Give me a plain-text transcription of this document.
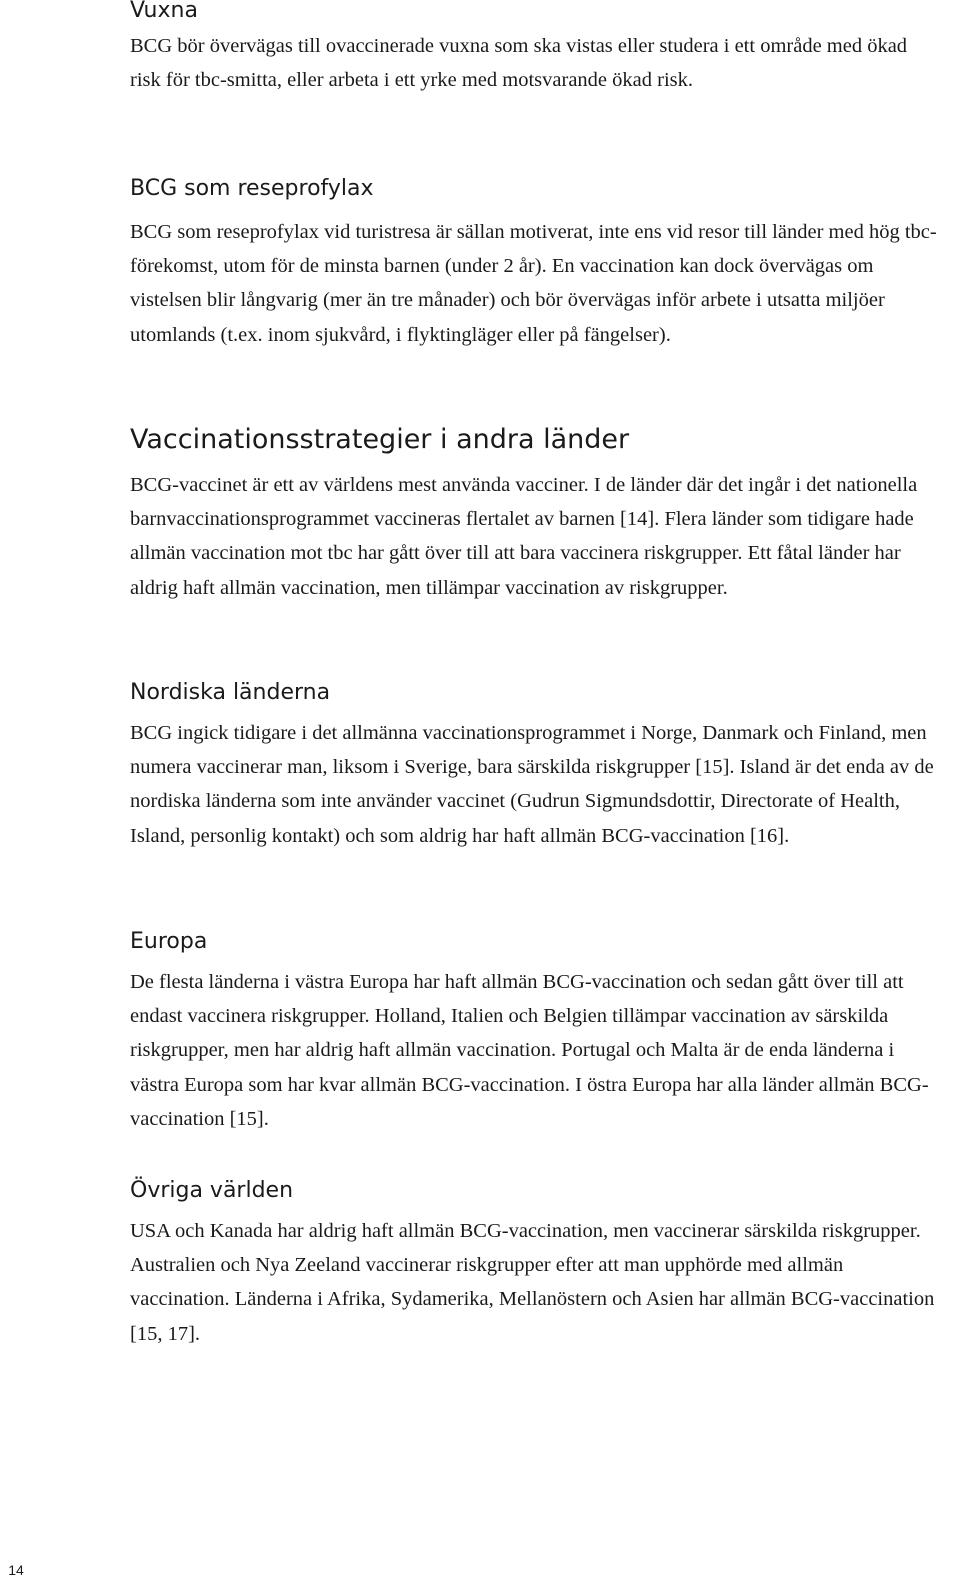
Vuxna

BCG bör övervägas till ovaccinerade vuxna som ska vistas eller studera i ett område med ökad risk för tbc-smitta, eller arbeta i ett yrke med motsvarande ökad risk.

BCG som reseprofylax

BCG som reseprofylax vid turistresa är sällan motiverat, inte ens vid resor till länder med hög tbc-förekomst, utom för de minsta barnen (under 2 år). En vaccination kan dock övervägas om vistelsen blir långvarig (mer än tre månader) och bör övervägas inför arbete i utsatta miljöer utomlands (t.ex. inom sjukvård, i flyktingläger eller på fängelser).

Vaccinationsstrategier i andra länder

BCG-vaccinet är ett av världens mest använda vacciner. I de länder där det ingår i det nationella barnvaccinationsprogrammet vaccineras flertalet av barnen [14]. Flera länder som tidigare hade allmän vaccination mot tbc har gått över till att bara vaccinera riskgrupper. Ett fåtal länder har aldrig haft allmän vaccination, men tillämpar vaccination av riskgrupper.

Nordiska länderna

BCG ingick tidigare i det allmänna vaccinationsprogrammet i Norge, Danmark och Finland, men numera vaccinerar man, liksom i Sverige, bara särskilda riskgrupper [15]. Island är det enda av de nordiska länderna som inte använder vaccinet (Gudrun Sigmundsdottir, Directorate of Health, Island, personlig kontakt) och som aldrig har haft allmän BCG-vaccination [16].

Europa

De flesta länderna i västra Europa har haft allmän BCG-vaccination och sedan gått över till att endast vaccinera riskgrupper. Holland, Italien och Belgien tillämpar vaccination av särskilda riskgrupper, men har aldrig haft allmän vaccination. Portugal och Malta är de enda länderna i västra Europa som har kvar allmän BCG-vaccination. I östra Europa har alla länder allmän BCG-vaccination [15].

Övriga världen

USA och Kanada har aldrig haft allmän BCG-vaccination, men vaccinerar särskilda riskgrupper. Australien och Nya Zeeland vaccinerar riskgrupper efter att man upphörde med allmän vaccination. Länderna i Afrika, Sydamerika, Mellanöstern och Asien har allmän BCG-vaccination [15, 17].

14
